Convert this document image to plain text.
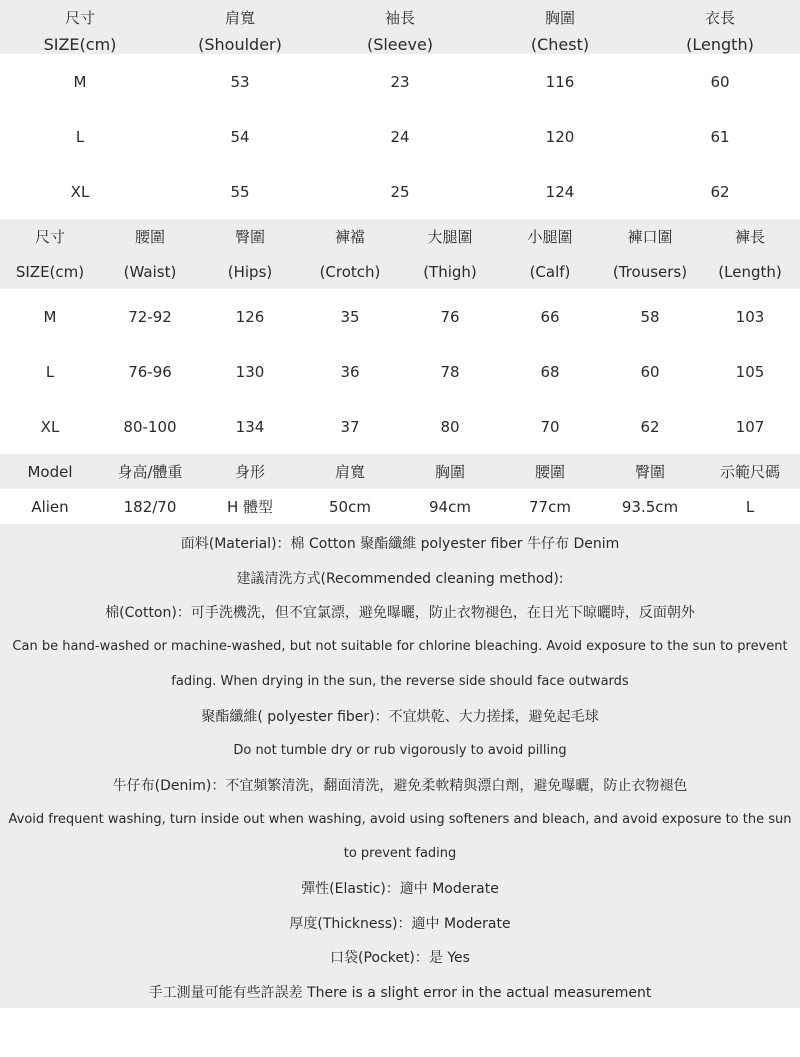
尺寸	肩寬	袖長	胸圍	衣長
SIZE(cm)	(Shoulder)	(Sleeve)	(Chest)	(Length)
M	53	23	116	60
L	54	24	120	61
XL	55	25	124	62
尺寸	腰圍	臀圍	褲襠	大腿圍	小腿圍	褲口圍	褲長
SIZE(cm)	(Waist)	(Hips)	(Crotch)	(Thigh)	(Calf)	(Trousers)	(Length)
M	72-92	126	35	76	66	58	103
L	76-96	130	36	78	68	60	105
XL	80-100	134	37	80	70	62	107
Model	身高/體重	身形	肩寬	胸圍	腰圍	臀圍	示範尺碼
Alien	182/70	H 體型	50cm	94cm	77cm	93.5cm	L
面料(Material)：棉 Cotton 聚酯纖維 polyester fiber 牛仔布 Denim
建議清洗方式(Recommended cleaning method):
棉(Cotton)：可手洗機洗，但不宜氯漂，避免曝曬，防止衣物褪色，在日光下晾曬時，反面朝外
Can be hand-washed or machine-washed, but not suitable for chlorine bleaching. Avoid exposure to the sun to prevent
fading. When drying in the sun, the reverse side should face outwards
聚酯纖維( polyester fiber)：不宜烘乾、大力搓揉，避免起毛球
Do not tumble dry or rub vigorously to avoid pilling
牛仔布(Denim)：不宜頻繁清洗，翻面清洗，避免柔軟精與漂白劑，避免曝曬，防止衣物褪色
Avoid frequent washing, turn inside out when washing, avoid using softeners and bleach, and avoid exposure to the sun
to prevent fading
彈性(Elastic)：適中 Moderate
厚度(Thickness)：適中 Moderate
口袋(Pocket)：是 Yes
手工測量可能有些許誤差 There is a slight error in the actual measurement
